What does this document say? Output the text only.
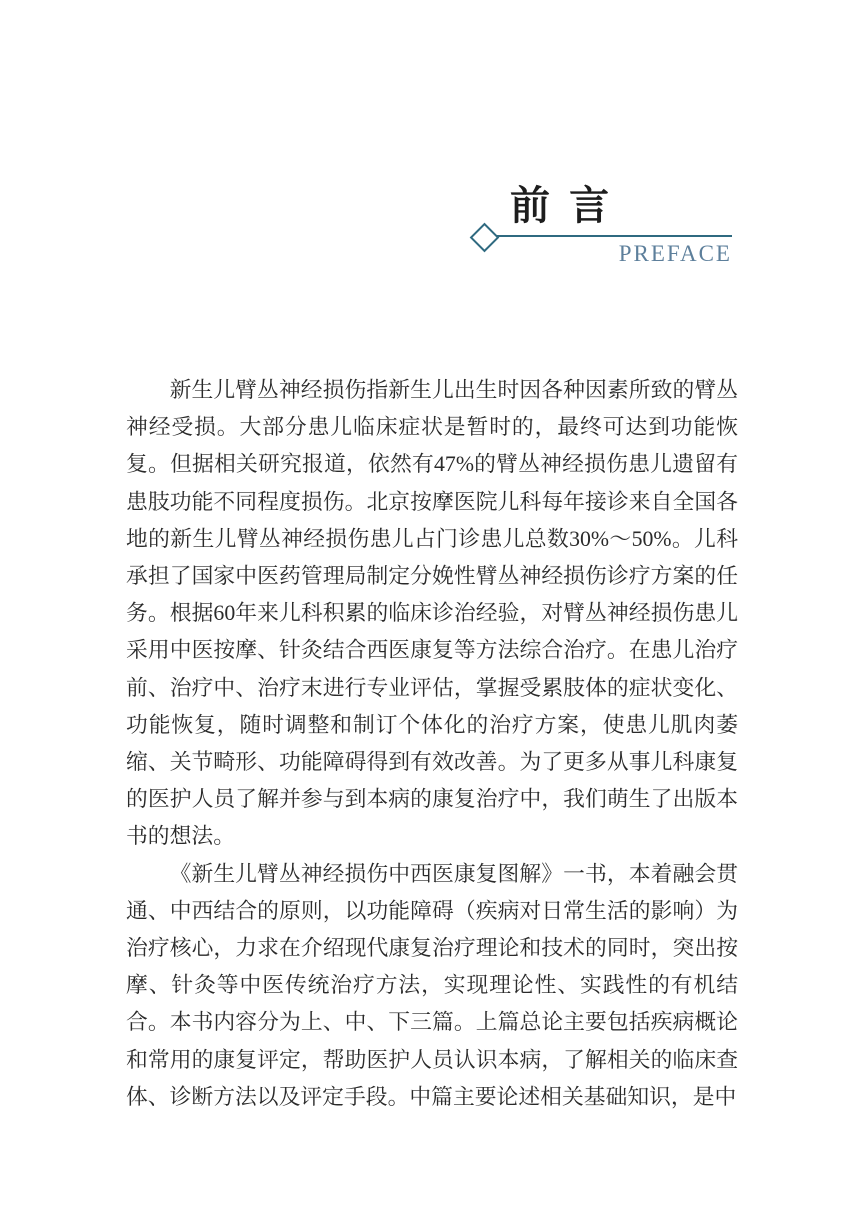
前 言
PREFACE

新生儿臂丛神经损伤指新生儿出生时因各种因素所致的臂丛神经受损。大部分患儿临床症状是暂时的，最终可达到功能恢复。但据相关研究报道，依然有47%的臂丛神经损伤患儿遗留有患肢功能不同程度损伤。北京按摩医院儿科每年接诊来自全国各地的新生儿臂丛神经损伤患儿占门诊患儿总数30%～50%。儿科承担了国家中医药管理局制定分娩性臂丛神经损伤诊疗方案的任务。根据60年来儿科积累的临床诊治经验，对臂丛神经损伤患儿采用中医按摩、针灸结合西医康复等方法综合治疗。在患儿治疗前、治疗中、治疗末进行专业评估，掌握受累肢体的症状变化、功能恢复，随时调整和制订个体化的治疗方案，使患儿肌肉萎缩、关节畸形、功能障碍得到有效改善。为了更多从事儿科康复的医护人员了解并参与到本病的康复治疗中，我们萌生了出版本书的想法。

《新生儿臂丛神经损伤中西医康复图解》一书，本着融会贯通、中西结合的原则，以功能障碍（疾病对日常生活的影响）为治疗核心，力求在介绍现代康复治疗理论和技术的同时，突出按摩、针灸等中医传统治疗方法，实现理论性、实践性的有机结合。本书内容分为上、中、下三篇。上篇总论主要包括疾病概论和常用的康复评定，帮助医护人员认识本病，了解相关的临床查体、诊断方法以及评定手段。中篇主要论述相关基础知识，是中
